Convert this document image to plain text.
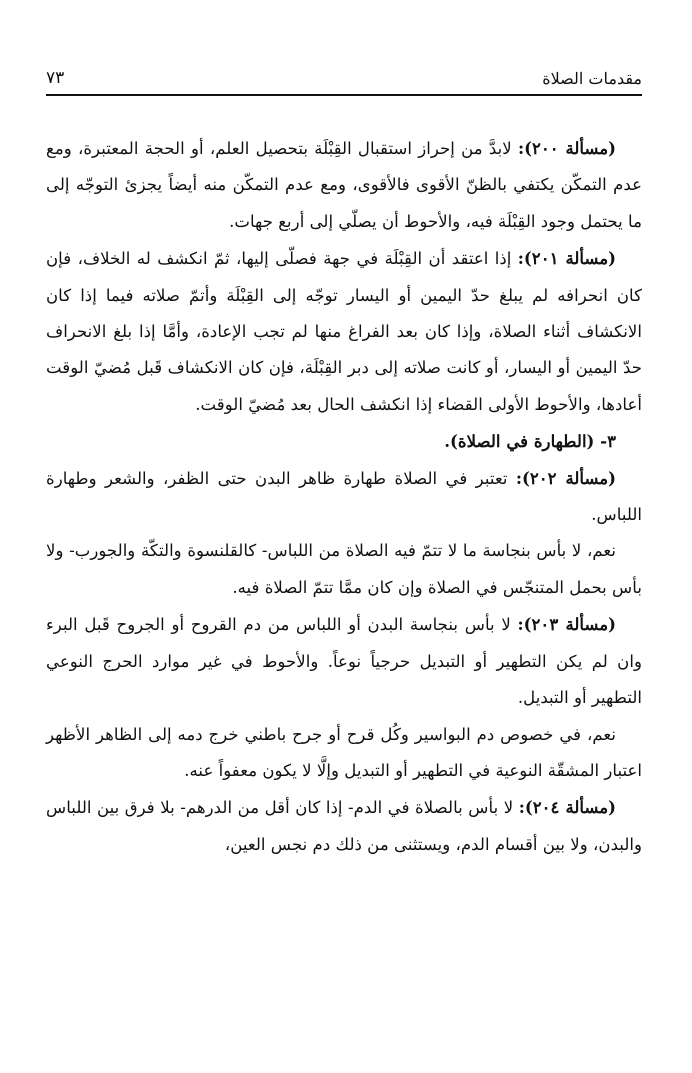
مقدمات الصلاة
٧٣

(مسألة ٢٠٠): لابدَّ من إحراز استقبال القِبْلَة بتحصيل العلم، أو الحجة المعتبرة، ومع عدم التمكّن يكتفي بالظنّ الأقوى فالأقوى، ومع عدم التمكّن منه أيضاً يجزئ التوجّه إلى ما يحتمل وجود القِبْلَة فيه، والأحوط أن يصلّي إلى أربع جهات.

(مسألة ٢٠١): إذا اعتقد أن القِبْلَة في جهة فصلّى إليها، ثمّ انكشف له الخلاف، فإن كان انحرافه لم يبلغ حدّ اليمين أو اليسار توجّه إلى القِبْلَة وأتمّ صلاته فيما إذا كان الانكشاف أثناء الصلاة، وإذا كان بعد الفراغ منها لم تجب الإعادة، وأمَّا إذا بلغ الانحراف حدّ اليمين أو اليسار، أو كانت صلاته إلى دبر القِبْلَة، فإن كان الانكشاف قَبل مُضيّ الوقت أعادها، والأحوط الأولى القضاء إذا انكشف الحال بعد مُضيّ الوقت.

٣- (الطهارة في الصلاة).

(مسألة ٢٠٢): تعتبر في الصلاة طهارة ظاهر البدن حتى الظفر، والشعر وطهارة اللباس.

نعم، لا بأس بنجاسة ما لا تتمّ فيه الصلاة من اللباس- كالقلنسوة والتكّة والجورب- ولا بأس بحمل المتنجّس في الصلاة وإن كان ممَّا تتمّ الصلاة فيه.

(مسألة ٢٠٣): لا بأس بنجاسة البدن أو اللباس من دم القروح أو الجروح قَبل البرء وان لم يكن التطهير أو التبديل حرجياً نوعاً. والأحوط في غير موارد الحرج النوعي التطهير أو التبديل.

نعم، في خصوص دم البواسير وكُل قرح أو جرح باطني خرج دمه إلى الظاهر الأظهر اعتبار المشقّة النوعية في التطهير أو التبديل وإلَّا لا يكون معفواً عنه.

(مسألة ٢٠٤): لا بأس بالصلاة في الدم- إذا كان أقل من الدرهم- بلا فرق بين اللباس والبدن، ولا بين أقسام الدم، ويستثنى من ذلك دم نجس العين،
